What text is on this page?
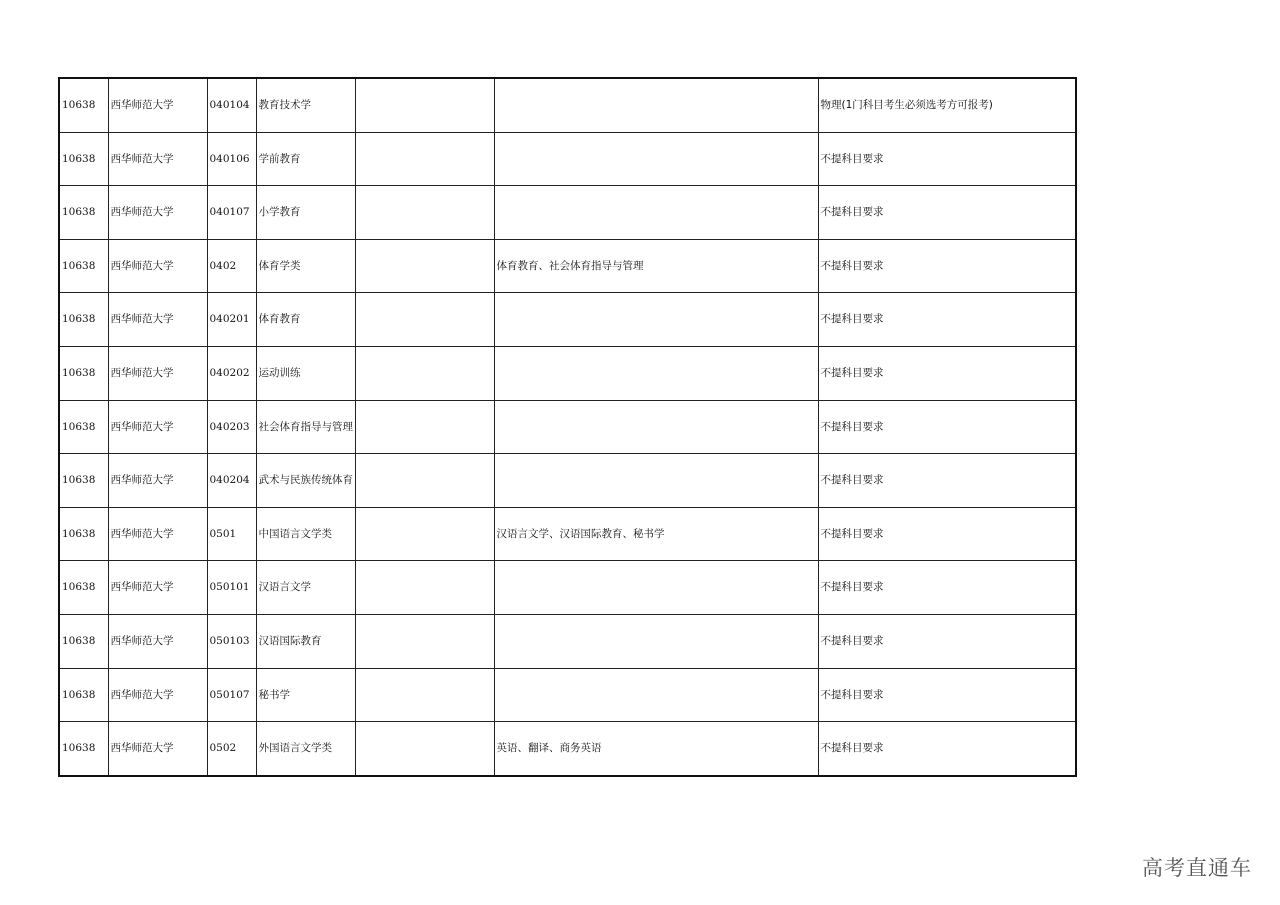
10638	西华师范大学	040104	教育技术学			物理(1门科目考生必须选考方可报考)
10638	西华师范大学	040106	学前教育			不提科目要求
10638	西华师范大学	040107	小学教育			不提科目要求
10638	西华师范大学	0402	体育学类		体育教育、社会体育指导与管理	不提科目要求
10638	西华师范大学	040201	体育教育			不提科目要求
10638	西华师范大学	040202	运动训练			不提科目要求
10638	西华师范大学	040203	社会体育指导与管理			不提科目要求
10638	西华师范大学	040204	武术与民族传统体育			不提科目要求
10638	西华师范大学	0501	中国语言文学类		汉语言文学、汉语国际教育、秘书学	不提科目要求
10638	西华师范大学	050101	汉语言文学			不提科目要求
10638	西华师范大学	050103	汉语国际教育			不提科目要求
10638	西华师范大学	050107	秘书学			不提科目要求
10638	西华师范大学	0502	外国语言文学类		英语、翻译、商务英语	不提科目要求
高考直通车
